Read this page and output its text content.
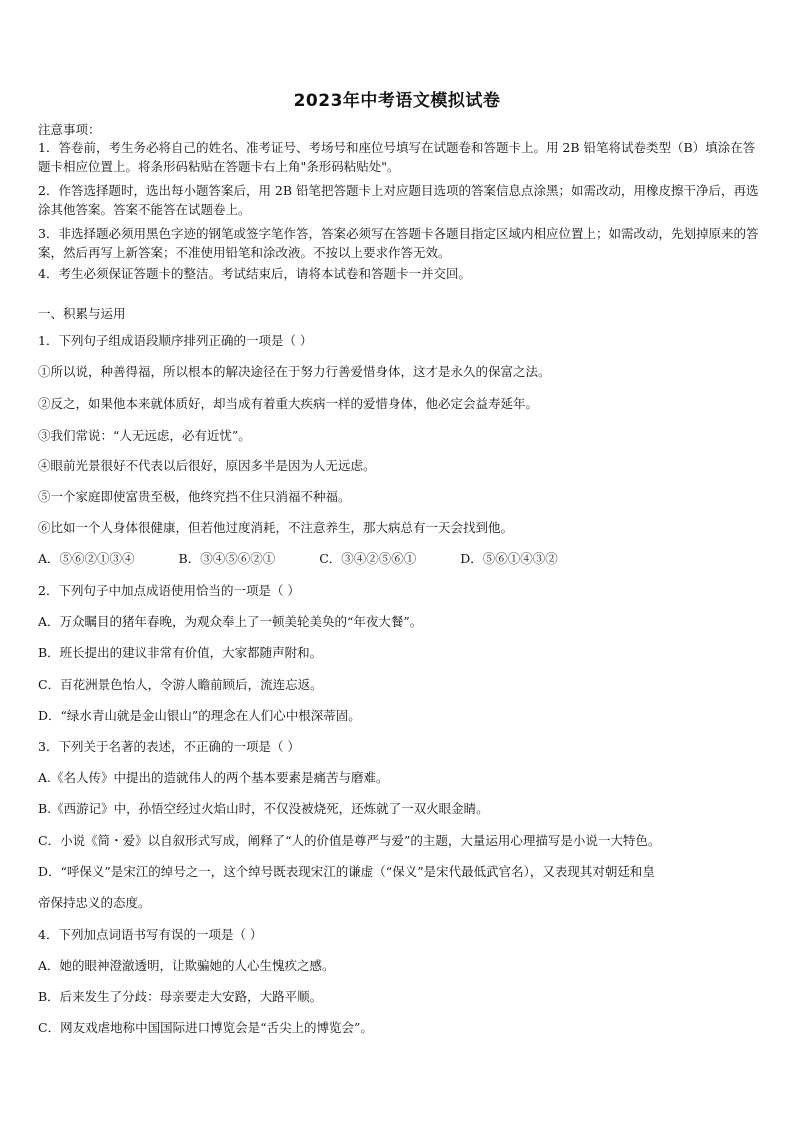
2023年中考语文模拟试卷
注意事项：
1．答卷前，考生务必将自己的姓名、准考证号、考场号和座位号填写在试题卷和答题卡上。用 2B 铅笔将试卷类型（B）填涂在答题卡相应位置上。将条形码粘贴在答题卡右上角"条形码粘贴处"。
2．作答选择题时，选出每小题答案后，用 2B 铅笔把答题卡上对应题目选项的答案信息点涂黑；如需改动，用橡皮擦干净后，再选涂其他答案。答案不能答在试题卷上。
3．非选择题必须用黑色字迹的钢笔或签字笔作答，答案必须写在答题卡各题目指定区域内相应位置上；如需改动，先划掉原来的答案，然后再写上新答案；不准使用铅笔和涂改液。不按以上要求作答无效。
4．考生必须保证答题卡的整洁。考试结束后，请将本试卷和答题卡一并交回。
一、积累与运用
1．下列句子组成语段顺序排列正确的一项是（ ）
①所以说，种善得福，所以根本的解决途径在于努力行善爱惜身体，这才是永久的保富之法。
②反之，如果他本来就体质好，却当成有着重大疾病一样的爱惜身体，他必定会益寿延年。
③我们常说：“人无远虑，必有近忧”。
④眼前光景很好不代表以后很好，原因多半是因为人无远虑。
⑤一个家庭即使富贵至极，他终究挡不住只消福不种福。
⑥比如一个人身体很健康，但若他过度消耗，不注意养生，那大病总有一天会找到他。
A．⑤⑥②①③④	B．③④⑤⑥②①	C．③④②⑤⑥①	D．⑤⑥①④③②
2．下列句子中加点成语使用恰当的一项是（ ）
A．万众瞩目的猪年春晚，为观众奉上了一顿美轮美奂的“年夜大餐”。
B．班长提出的建议非常有价值，大家都随声附和。
C．百花洲景色怡人，令游人瞻前顾后，流连忘返。
D．“绿水青山就是金山银山”的理念在人们心中根深蒂固。
3．下列关于名著的表述，不正确的一项是（ ）
A.《名人传》中提出的造就伟人的两个基本要素是痛苦与磨难。
B.《西游记》中，孙悟空经过火焰山时，不仅没被烧死，还炼就了一双火眼金睛。
C．小说《简・爱》以自叙形式写成，阐释了“人的价值是尊严与爱”的主题，大量运用心理描写是小说一大特色。
D．“呼保义”是宋江的绰号之一，这个绰号既表现宋江的谦虚（“保义”是宋代最低武官名），又表现其对朝廷和皇
帝保持忠义的态度。
4．下列加点词语书写有误的一项是（ ）
A．她的眼神澄澈透明，让欺骗她的人心生愧疚之感。
B．后来发生了分歧：母亲要走大安路，大路平顺。
C．网友戏虐地称中国国际进口博览会是“舌尖上的博览会”。
